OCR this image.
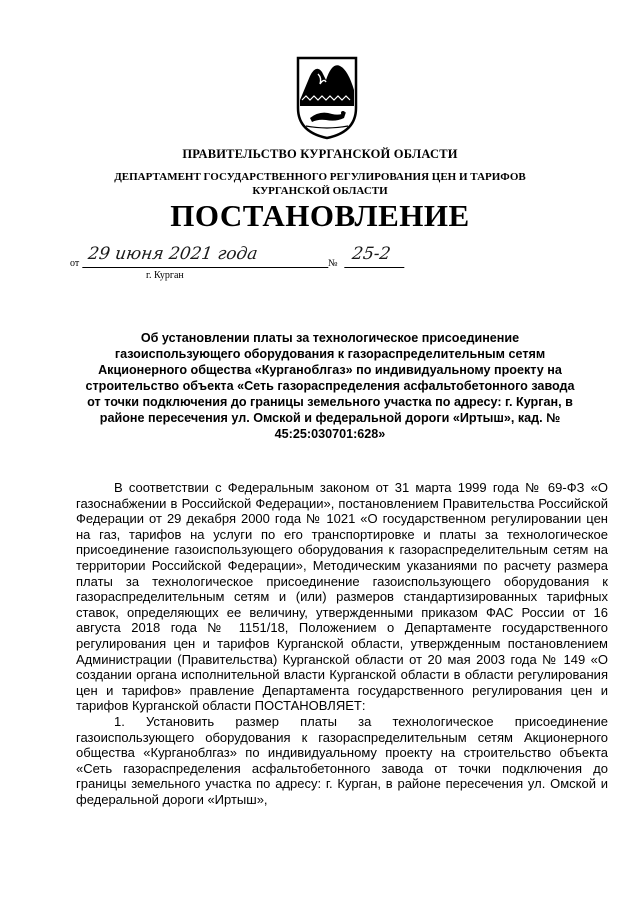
ПРАВИТЕЛЬСТВО КУРГАНСКОЙ ОБЛАСТИ
ДЕПАРТАМЕНТ ГОСУДАРСТВЕННОГО РЕГУЛИРОВАНИЯ ЦЕН И ТАРИФОВ
КУРГАНСКОЙ ОБЛАСТИ
ПОСТАНОВЛЕНИЕ
от 29 июня 2021 года	№ 25-2
г. Курган
Об установлении платы за технологическое присоединение газоиспользующего оборудования к газораспределительным сетям Акционерного общества «Курганоблгаз» по индивидуальному проекту на строительство объекта «Сеть газораспределения асфальтобетонного завода от точки подключения до границы земельного участка по адресу: г. Курган, в районе пересечения ул. Омской и федеральной дороги «Иртыш», кад. № 45:25:030701:628»

В соответствии с Федеральным законом от 31 марта 1999 года № 69-ФЗ «О газоснабжении в Российской Федерации», постановлением Правительства Российской Федерации от 29 декабря 2000 года № 1021 «О государственном регулировании цен на газ, тарифов на услуги по его транспортировке и платы за технологическое присоединение газоиспользующего оборудования к газораспределительным сетям на территории Российской Федерации», Методическим указаниями по расчету размера платы за технологическое присоединение газоиспользующего оборудования к газораспределительным сетям и (или) размеров стандартизированных тарифных ставок, определяющих ее величину, утвержденными приказом ФАС России от 16 августа 2018 года № 1151/18, Положением о Департаменте государственного регулирования цен и тарифов Курганской области, утвержденным постановлением Администрации (Правительства) Курганской области от 20 мая 2003 года № 149 «О создании органа исполнительной власти Курганской области в области регулирования цен и тарифов» правление Департамента государственного регулирования цен и тарифов Курганской области ПОСТАНОВЛЯЕТ:

1. Установить размер платы за технологическое присоединение газоиспользующего оборудования к газораспределительным сетям Акционерного общества «Курганоблгаз» по индивидуальному проекту на строительство объекта «Сеть газораспределения асфальтобетонного завода от точки подключения до границы земельного участка по адресу: г. Курган, в районе пересечения ул. Омской и федеральной дороги «Иртыш»,
